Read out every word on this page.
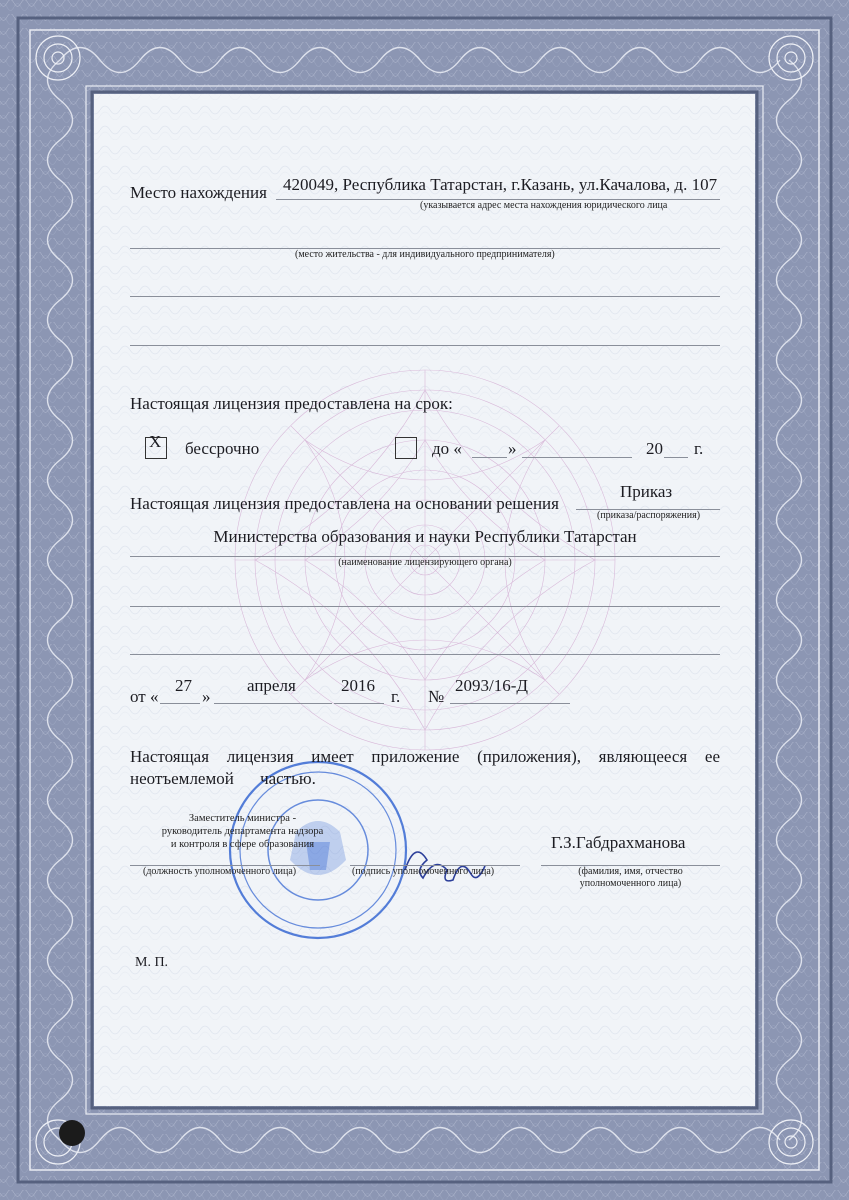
Место нахождения 420049, Республика Татарстан, г.Казань, ул.Качалова, д. 107
(указывается адрес места нахождения юридического лица
(место жительства - для индивидуального предпринимателя)
Настоящая лицензия предоставлена на срок:
X бессрочно	до «	»	20 г.
Настоящая лицензия предоставлена на основании решения
Приказ
(приказа/распоряжения)
Министерства образования и науки Республики Татарстан
(наименование лицензирующего органа)
от «
27
»
апреля	2016
г. №
2093/16-Д
Настоящая лицензия имеет приложение (приложения), являющееся ее
неотъемлемой частью.
Заместитель министра -
руководитель департамента надзора
и контроля в сфере образования
(должность уполномоченного лица)	(подпись уполномоченного лица)
Г.З.Габдрахманова
(фамилия, имя, отчество
уполномоченного лица)
М. П.
